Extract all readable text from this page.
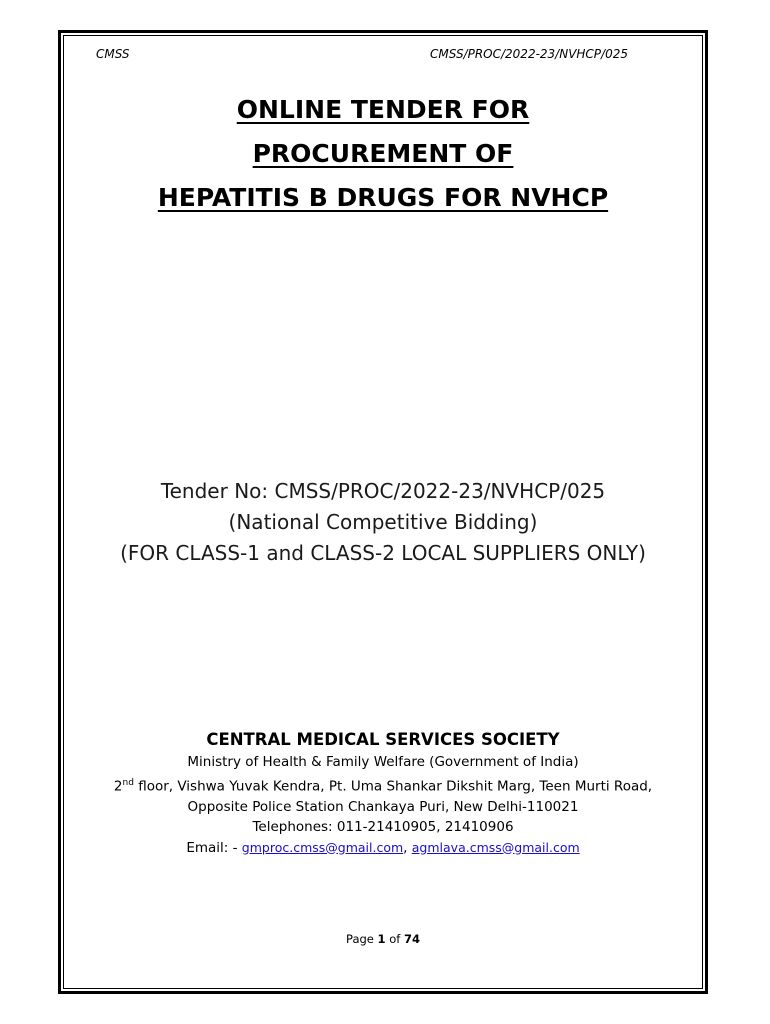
CMSS	CMSS/PROC/2022-23/NVHCP/025
ONLINE TENDER FOR
PROCUREMENT OF
HEPATITIS B DRUGS FOR NVHCP
Tender No: CMSS/PROC/2022-23/NVHCP/025
(National Competitive Bidding)
(FOR CLASS-1 and CLASS-2 LOCAL SUPPLIERS ONLY)
CENTRAL MEDICAL SERVICES SOCIETY
Ministry of Health & Family Welfare (Government of India)
2nd floor, Vishwa Yuvak Kendra, Pt. Uma Shankar Dikshit Marg, Teen Murti Road,
Opposite Police Station Chankaya Puri, New Delhi-110021
Telephones: 011-21410905, 21410906
Email: - gmproc.cmss@gmail.com, agmlava.cmss@gmail.com
Page 1 of 74
